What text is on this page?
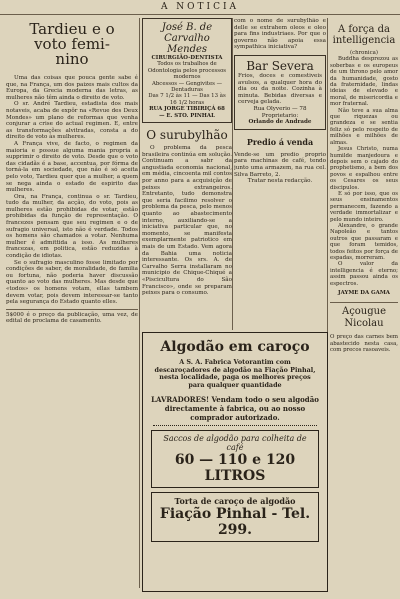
A NOTICIA
Tardieu e o
voto femi-
nino

Uma das coisas que pouca gente sabe é que, na França, um dos paizes mais cultos da Europa, da Grecia moderna das letras, as mulheres não têm ainda o direito de voto.

O sr. André Tardieu, estadista dos mais notaveis, acaba de expôr na «Revue des Deux Mondes» um plano de reformas que venha conjurar a crise do actual regimen. E, entre as transformações alvitradas, consta a do direito de voto às mulheres.

A França vive, de facto, o regimen da maioria e possue alguma mania propria a supprimir o direito de voto. Desde que o voto das cidadãs é a base, accentua, por fórma de torná-la em sociedade, que não é só aceita pelo voto, Tardieu quer que a mulher, a quem se nega ainda o estado de espirito das mulheres.

Ora, na França, continua o sr. Tardieu, tudo da mulher, da acção, do voto, pois as mulheres estão prohibidas de votar, estão prohibidas da função de representação. O francezes pensam que seu regimen e o de sufragio universal, isto não é verdade. Todos os homens são chamados a votar. Nenhuma mulher é admittida a isso. As mulheres francezas, em politica, estão reduzidas à condição de idiotas.

Se o sufragio masculino fosse limitado por condições de saber, de moralidade, de familia ou fortuna, não poderia haver discussão quanto ao voto das mulheres. Mas desde que «todos» os homens votam, ellas tambem devem votar, pois devem interessar-se tanto pela segurança do Estado quanto elles.

5$000 é o preço da publicação, uma vez, de edital de proclama de casamento.
José B. de Carvalho Mendes
CIRURGIÃO-DENTISTA
Todos os trabalhos de Odontologia pelos processos modernos
Abcessos — Gengivites — Dentaduras
Das 7 1/2 às 11 — Das 13 às 16 1/2 horas
RUA JORGE TIBIRIÇÁ 68 — E. STO. PINHAL
O surubylhão

O problema da pesca brasileira continúa em solução. Continuam a sabr da angustiada economia nacional, em média, cincoenta mil contos por anno para a acquisição de peixes extrangeiros. Entretanto, tudo demonstra que seria facilimo resolver o problema da pesca, pelo menos quanto ao abastecimento interno, auxiliando-se a iniciativa particular que, no momento, se manifesta exemplarmente patriotico em mais de um Estado. Vem agora da Bahia uma noticia interessante. Os srs. A. de Carvalho Serra installaram no municipio de Chique-Chiqué a «Piscicultura do São Francisco», onde se preparam peixes para o consumo.

com o nome de surubylhão e delle se extrahem oleos e oleo para fins industriaes. Por que o governo não apoia essa sympathica iniciativa?
Bar Severa
Frios, doces e comestiveis avulsos, a qualquer hora do dia ou da noite. Cozinha à minuta. Bebidas diversas e cerveja gelada.
Rua Olyverio — 78
Proprietario:
Orlando de Andrade
Predio á venda
Vende-se um predio proprio para machinas de café, tendo junto uma armazem, na rua cel. Silva Barreto, 2.
Tratar nesta redacção.
A força da
intelligencia
(chronica)

Buddha desprezou as soberbas e os europeus de um throno pelo amor da humanidade, gosto da fraternidade, lindas ideias de elevado e moral, de misericordia e mor fraternal.

Não teve a sua alma que riquezas ou grandeza e se sentia feliz só pelo respeito de milhões e milhões de almas.

Jesus Christo, numa humilde manjedoura e depois sem o cajado do prophetismo, a bem dos povos e espalhou entre os Cesares os seus discipulos.

E só por isso, que os seus ensinamentos permanecem, fazendo a verdade immortalizar e pelo mundo inteiro.

Alexandre, o grande Napoleão e tantos outros que passaram e que foram temidos, todos feitos por força de espadas, morreram.

O valor da intelligencia é eterno; assim passou ainda os espectros.

JAYME DA GAMA
Açougue Nicolau
O preço das carnes bem abastecido nesta casa, com precos rasoaveis.
Algodão em caroço
A S. A. Fabrica Votorantim com descaroçadores de algodão na Fiação Pinhal, nesta localidade, paga os melhores preços para qualquer quantidade
LAVRADORES! Vendam todo o seu algodão directamente à fabrica, ou ao nosso comprador autorizado.
Saccos de algodão para colheita de café
60 — 110 e 120 LITROS
Torta de caroço de algodão
Fiação Pinhal - Tel. 299.
